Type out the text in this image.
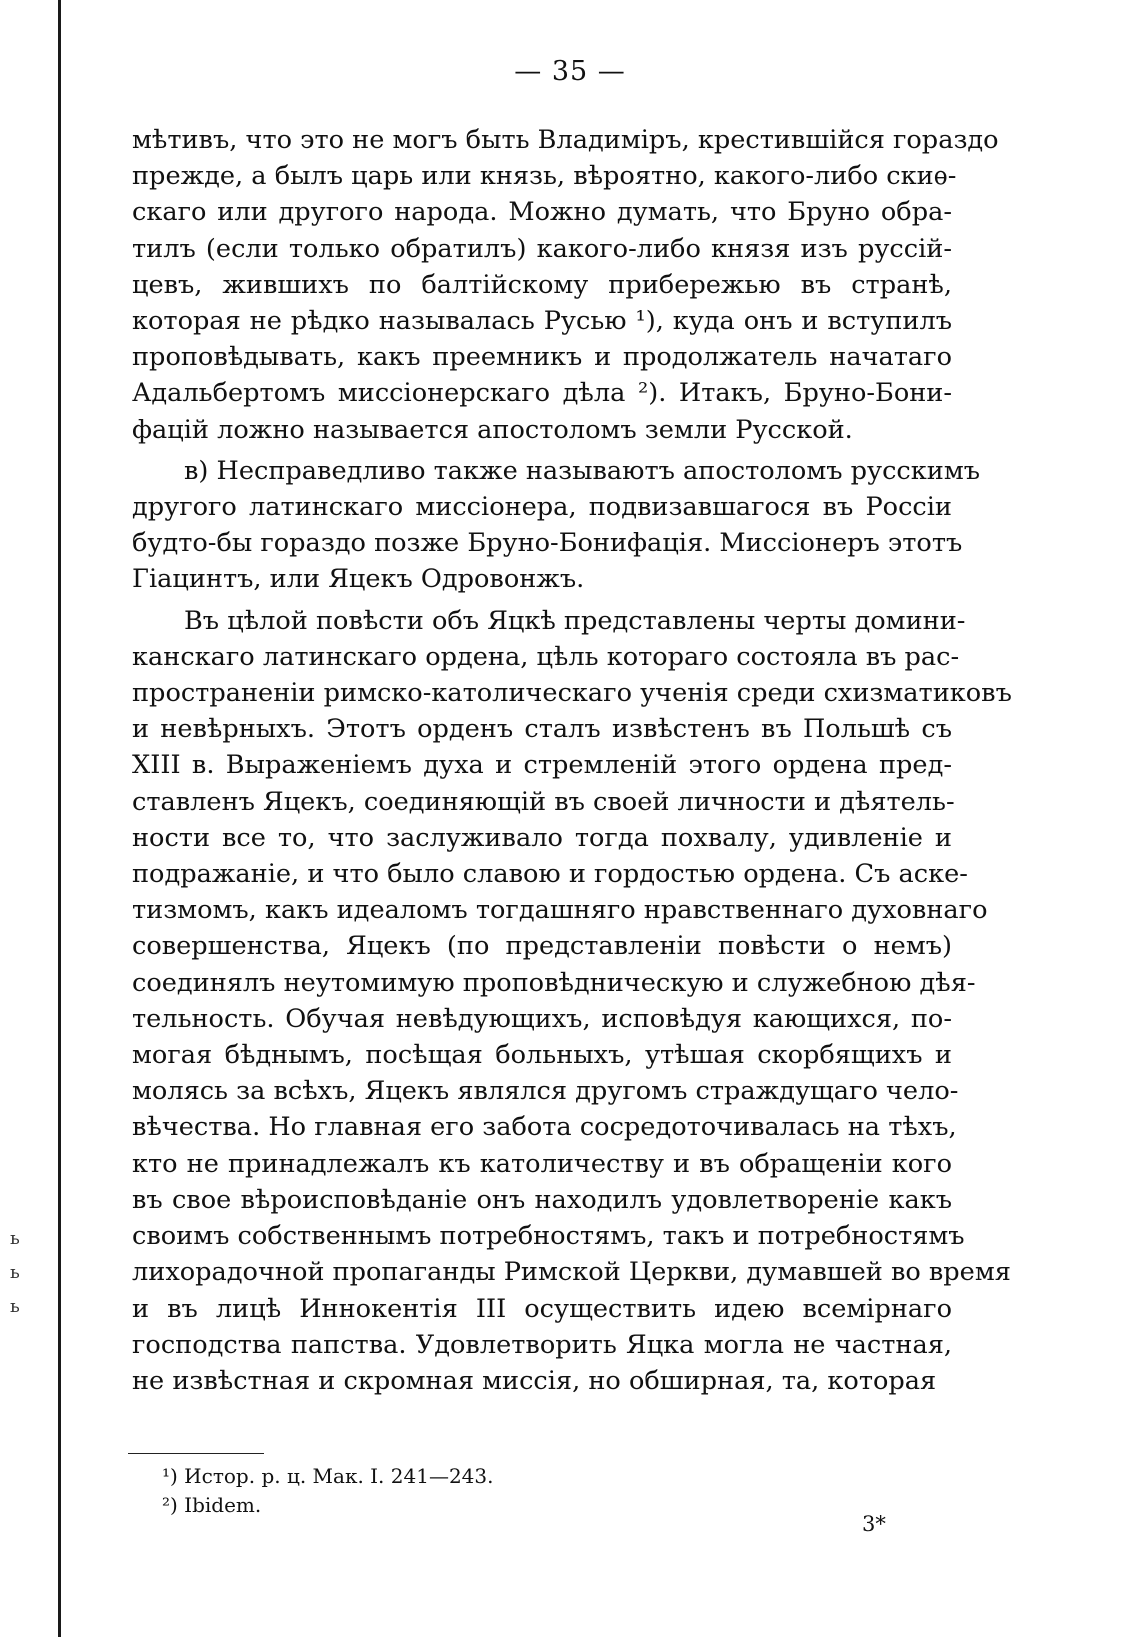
ь
ь
ь
— 35 —
мѣтивъ, что это не могъ быть Владиміръ, крестившійся гораздо
прежде, а былъ царь или князь, вѣроятно, какого-либо скиѳ-
скаго или другого народа. Можно думать, что Бруно обра-
тилъ (если только обратилъ) какого-либо князя изъ руссій-
цевъ, жившихъ по балтійскому прибережью въ странѣ,
которая не рѣдко называлась Русью ¹), куда онъ и вступилъ
проповѣдывать, какъ преемникъ и продолжатель начатаго
Адальбертомъ миссіонерскаго дѣла ²). Итакъ, Бруно-Бони-
фацій ложно называется апостоломъ земли Русской.
в) Несправедливо также называютъ апостоломъ русскимъ
другого латинскаго миссіонера, подвизавшагося въ Россіи
будто-бы гораздо позже Бруно-Бонифація. Миссіонеръ этотъ
Гіацинтъ, или Яцекъ Одровонжъ.
Въ цѣлой повѣсти объ Яцкѣ представлены черты домини-
канскаго латинскаго ордена, цѣль котораго состояла въ рас-
пространеніи римско-католическаго ученія среди схизматиковъ
и невѣрныхъ. Этотъ орденъ сталъ извѣстенъ въ Польшѣ съ
XIII в. Выраженіемъ духа и стремленій этого ордена пред-
ставленъ Яцекъ, соединяющій въ своей личности и дѣятель-
ности все то, что заслуживало тогда похвалу, удивленіе и
подражаніе, и что было славою и гордостью ордена. Съ аске-
тизмомъ, какъ идеаломъ тогдашняго нравственнаго духовнаго
совершенства, Яцекъ (по представленіи повѣсти о немъ)
соединялъ неутомимую проповѣдническую и служебною дѣя-
тельность. Обучая невѣдующихъ, исповѣдуя кающихся, по-
могая бѣднымъ, посѣщая больныхъ, утѣшая скорбящихъ и
молясь за всѣхъ, Яцекъ являлся другомъ страждущаго чело-
вѣчества. Но главная его забота сосредоточивалась на тѣхъ,
кто не принадлежалъ къ католичеству и въ обращеніи кого
въ свое вѣроисповѣданіе онъ находилъ удовлетвореніе какъ
своимъ собственнымъ потребностямъ, такъ и потребностямъ
лихорадочной пропаганды Римской Церкви, думавшей во время
и въ лицѣ Иннокентія III осуществить идею всемірнаго
господства папства. Удовлетворить Яцка могла не частная,
не извѣстная и скромная миссія, но обширная, та, которая
¹) Истор. р. ц. Мак. I. 241—243.
²) Ibidem.
3*
